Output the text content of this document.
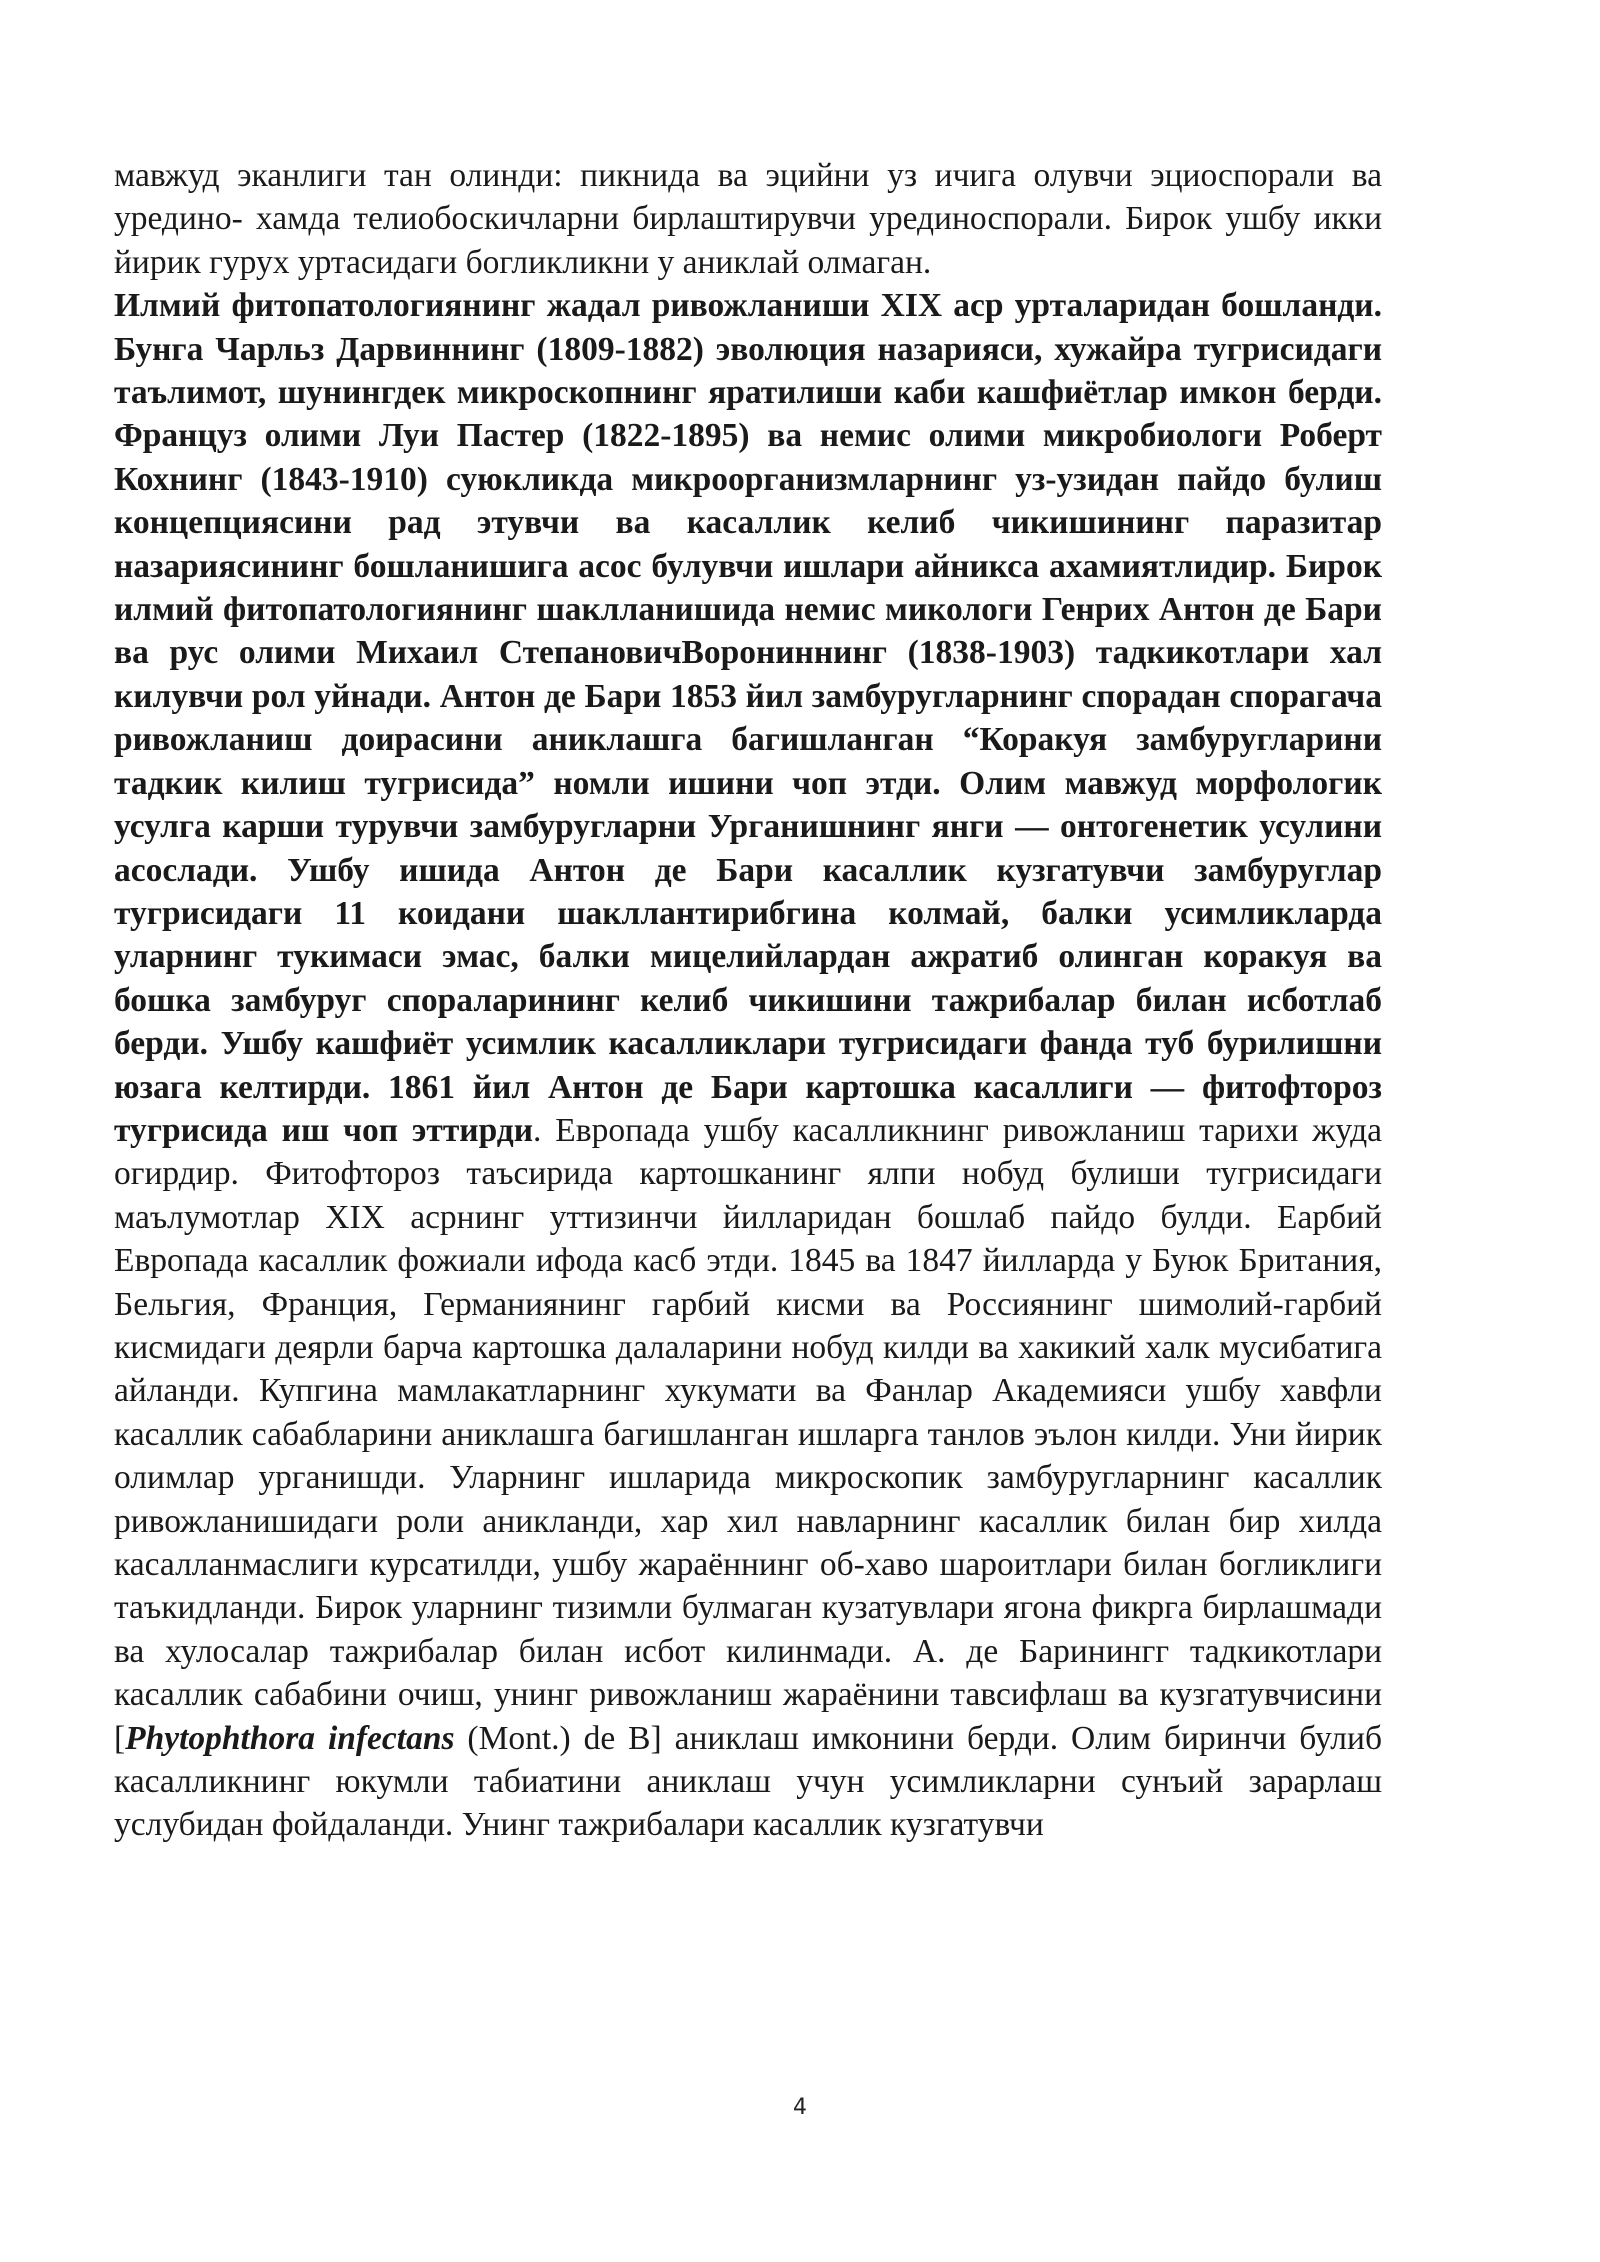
мавжуд эканлиги тан олинди: пикнида ва эцийни уз ичига олувчи эциоспорали ва уредино- хамда телиобоскичларни бирлаштирувчи урединоспорали. Бирок ушбу икки йирик гурух уртасидаги богликликни у аниклай олмаган.

Илмий фитопатологиянинг жадал ривожланиши XIX аср урталаридан бошланди. Бунга Чарльз Дарвиннинг (1809-1882) эволюция назарияси, хужайра тугрисидаги таълимот, шунингдек микроскопнинг яратилиши каби кашфиётлар имкон берди. Француз олими Луи Пастер (1822-1895) ва немис олими микробиологи Роберт Кохнинг (1843-1910) суюкликда микроорганизмларнинг уз-узидан пайдо булиш концепциясини рад этувчи ва касаллик келиб чикишининг паразитар назариясининг бошланишига асос булувчи ишлари айникса ахамиятлидир. Бирок илмий фитопатологиянинг шаклланишида немис микологи Генрих Антон де Бари ва рус олими Михаил СтепановичВорониннинг (1838-1903) тадкикотлари хал килувчи рол уйнади. Антон де Бари 1853 йил замбуругларнинг спорадан спорагача ривожланиш доирасини аниклашга багишланган “Коракуя замбуругларини тадкик килиш тугрисида” номли ишини чоп этди. Олим мавжуд морфологик усулга карши турувчи замбуругларни Урганишнинг янги — онтогенетик усулини асослади. Ушбу ишида Антон де Бари касаллик кузгатувчи замбуруглар тугрисидаги 11 коидани шакллантирибгина колмай, балки усимликларда уларнинг тукимаси эмас, балки мицелийлардан ажратиб олинган коракуя ва бошка замбуруг спораларининг келиб чикишини тажрибалар билан исботлаб берди. Ушбу кашфиёт усимлик касалликлари тугрисидаги фанда туб бурилишни юзага келтирди. 1861 йил Антон де Бари картошка касаллиги — фитофтороз тугрисида иш чоп эттирди. Европада ушбу касалликнинг ривожланиш тарихи жуда огирдир. Фитофтороз таъсирида картошканинг ялпи нобуд булиши тугрисидаги маълумотлар XIX асрнинг уттизинчи йилларидан бошлаб пайдо булди. Еарбий Европада касаллик фожиали ифода касб этди. 1845 ва 1847 йилларда у Буюк Британия, Бельгия, Франция, Германиянинг гарбий кисми ва Россиянинг шимолий-гарбий кисмидаги деярли барча картошка далаларини нобуд килди ва хакикий халк мусибатига айланди. Купгина мамлакатларнинг хукумати ва Фанлар Академияси ушбу хавфли касаллик сабабларини аниклашга багишланган ишларга танлов эълон килди. Уни йирик олимлар урганишди. Уларнинг ишларида микроскопик замбуругларнинг касаллик ривожланишидаги роли аникланди, хар хил навларнинг касаллик билан бир хилда касалланмаслиги курсатилди, ушбу жараённинг об-хаво шароитлари билан богликлиги таъкидланди. Бирок уларнинг тизимли булмаган кузатувлари ягона фикрга бирлашмади ва хулосалар тажрибалар билан исбот килинмади. А. де Баринингг тадкикотлари касаллик сабабини очиш, унинг ривожланиш жараёнини тавсифлаш ва кузгатувчисини [Phytophthora infectans (Mont.) de B] аниклаш имконини берди. Олим биринчи булиб касалликнинг юкумли табиатини аниклаш учун усимликларни сунъий зарарлаш услубидан фойдаланди. Унинг тажрибалари касаллик кузгатувчи

4
